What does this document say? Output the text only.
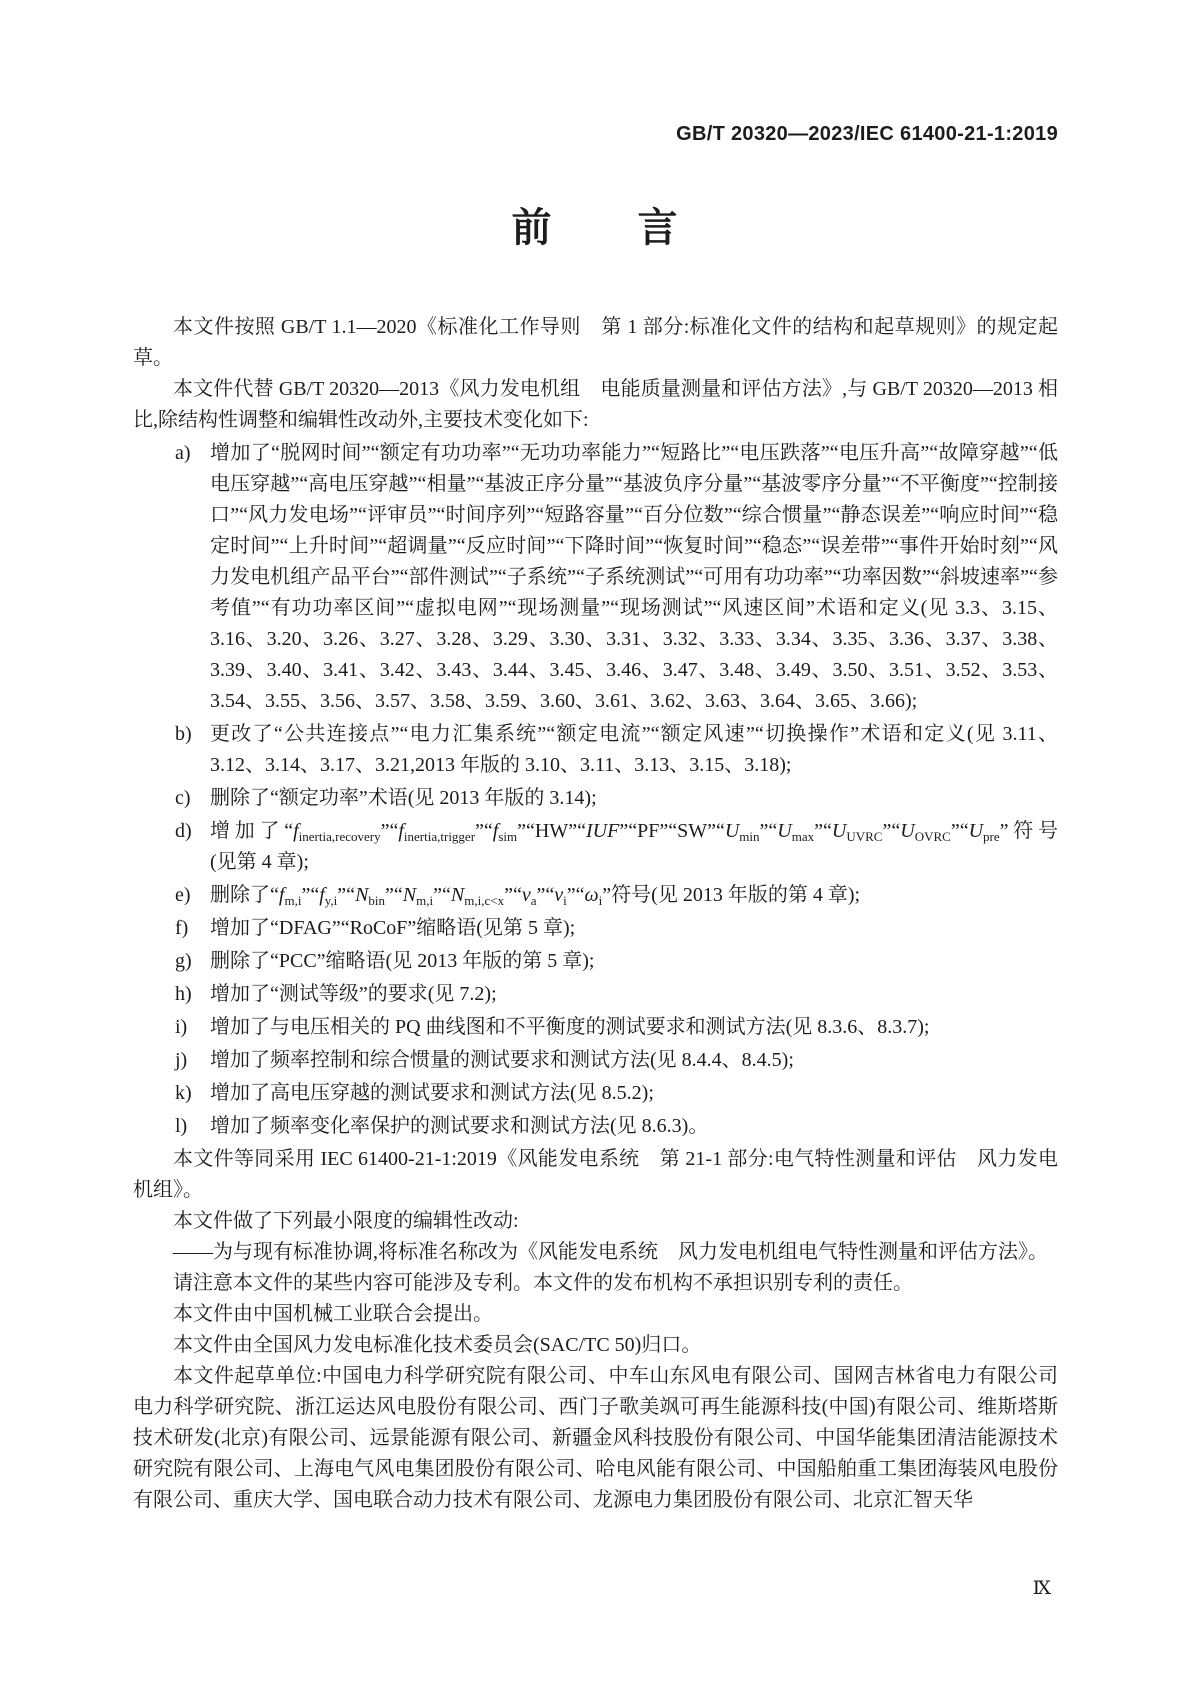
GB/T 20320—2023/IEC 61400-21-1:2019
前　　言

本文件按照 GB/T 1.1—2020《标准化工作导则　第 1 部分:标准化文件的结构和起草规则》的规定起草。

本文件代替 GB/T 20320—2013《风力发电机组　电能质量测量和评估方法》,与 GB/T 20320—2013 相比,除结构性调整和编辑性改动外,主要技术变化如下:

a) 增加了“脱网时间”“额定有功功率”“无功功率能力”“短路比”“电压跌落”“电压升高”“故障穿越”“低电压穿越”“高电压穿越”“相量”“基波正序分量”“基波负序分量”“基波零序分量”“不平衡度”“控制接口”“风力发电场”“评审员”“时间序列”“短路容量”“百分位数”“综合惯量”“静态误差”“响应时间”“稳定时间”“上升时间”“超调量”“反应时间”“下降时间”“恢复时间”“稳态”“误差带”“事件开始时刻”“风力发电机组产品平台”“部件测试”“子系统”“子系统测试”“可用有功功率”“功率因数”“斜坡速率”“参考值”“有功功率区间”“虚拟电网”“现场测量”“现场测试”“风速区间”术语和定义(见 3.3、3.15、3.16、3.20、3.26、3.27、3.28、3.29、3.30、3.31、3.32、3.33、3.34、3.35、3.36、3.37、3.38、3.39、3.40、3.41、3.42、3.43、3.44、3.45、3.46、3.47、3.48、3.49、3.50、3.51、3.52、3.53、3.54、3.55、3.56、3.57、3.58、3.59、3.60、3.61、3.62、3.63、3.64、3.65、3.66);
b) 更改了“公共连接点”“电力汇集系统”“额定电流”“额定风速”“切换操作”术语和定义(见 3.11、3.12、3.14、3.17、3.21,2013 年版的 3.10、3.11、3.13、3.15、3.18);
c) 删除了“额定功率”术语(见 2013 年版的 3.14);
d) 增加了“$f_{inertia,recovery}”“f_{inertia,trigger}”“f_{sim}”“HW”“IUF”“PF”“SW”“U_{min}”“U_{max}”“U_{UVRC}”“U_{OVRC}”“U_{pre}$”符号(见第 4 章);
e) 删除了“$f_{m,i}”“f_{y,i}”“N_{bin}”“N_{m,i}”“N_{m,i,c<x}”“v_a”“v_i”“\omega_i$”符号(见 2013 年版的第 4 章);
f) 增加了“DFAG”“RoCoF”缩略语(见第 5 章);
g) 删除了“PCC”缩略语(见 2013 年版的第 5 章);
h) 增加了“测试等级”的要求(见 7.2);
i) 增加了与电压相关的 PQ 曲线图和不平衡度的测试要求和测试方法(见 8.3.6、8.3.7);
j) 增加了频率控制和综合惯量的测试要求和测试方法(见 8.4.4、8.4.5);
k) 增加了高电压穿越的测试要求和测试方法(见 8.5.2);
l) 增加了频率变化率保护的测试要求和测试方法(见 8.6.3)。

本文件等同采用 IEC 61400-21-1:2019《风能发电系统　第 21-1 部分:电气特性测量和评估　风力发电机组》。

本文件做了下列最小限度的编辑性改动:

——为与现有标准协调,将标准名称改为《风能发电系统　风力发电机组电气特性测量和评估方法》。

请注意本文件的某些内容可能涉及专利。本文件的发布机构不承担识别专利的责任。

本文件由中国机械工业联合会提出。

本文件由全国风力发电标准化技术委员会(SAC/TC 50)归口。

本文件起草单位:中国电力科学研究院有限公司、中车山东风电有限公司、国网吉林省电力有限公司电力科学研究院、浙江运达风电股份有限公司、西门子歌美飒可再生能源科技(中国)有限公司、维斯塔斯技术研发(北京)有限公司、远景能源有限公司、新疆金风科技股份有限公司、中国华能集团清洁能源技术研究院有限公司、上海电气风电集团股份有限公司、哈电风能有限公司、中国船舶重工集团海装风电股份有限公司、重庆大学、国电联合动力技术有限公司、龙源电力集团股份有限公司、北京汇智天华

Ⅸ
